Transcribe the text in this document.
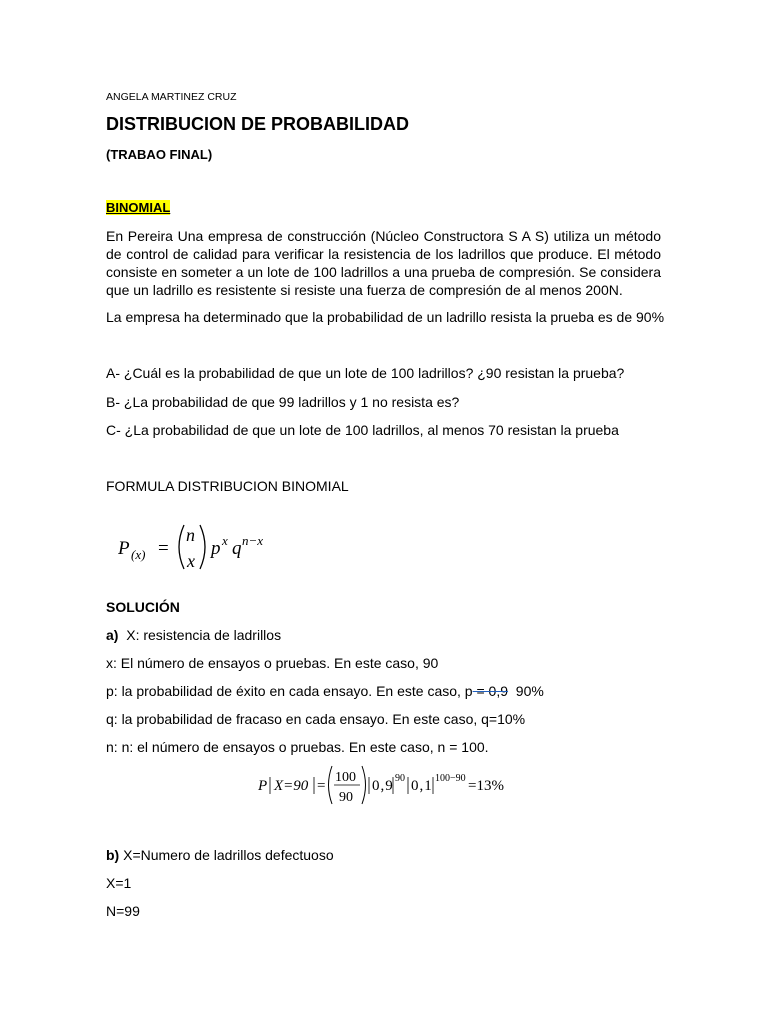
ANGELA MARTINEZ CRUZ
DISTRIBUCION DE PROBABILIDAD
(TRABAO FINAL)
BINOMIAL
En Pereira Una empresa de construcción (Núcleo Constructora S A S) utiliza un método de control de calidad para verificar la resistencia de los ladrillos que produce. El método consiste en someter a un lote de 100 ladrillos a una prueba de compresión. Se considera que un ladrillo es resistente si resiste una fuerza de compresión de al menos 200N.
La empresa ha determinado que la probabilidad de un ladrillo resista la prueba es de 90%
A- ¿Cuál es la probabilidad de que un lote de 100 ladrillos? ¿90 resistan la prueba?
B- ¿La probabilidad de que 99 ladrillos y 1 no resista es?
C- ¿La probabilidad de que un lote de 100 ladrillos, al menos 70 resistan la prueba
FORMULA DISTRIBUCION BINOMIAL
P (x) =
n
x
p x q n−x
SOLUCIÓN
a) X: resistencia de ladrillos
x: El número de ensayos o pruebas. En este caso, 90
p: la probabilidad de éxito en cada ensayo. En este caso, p = 0,9  90%
q: la probabilidad de fracaso en cada ensayo. En este caso, q=10%
n: n: el número de ensayos o pruebas. En este caso, n = 100.
P X=90 =
100
90
0,9 90 0,1 100−90 =13%
b) X=Numero de ladrillos defectuoso
X=1
N=99
